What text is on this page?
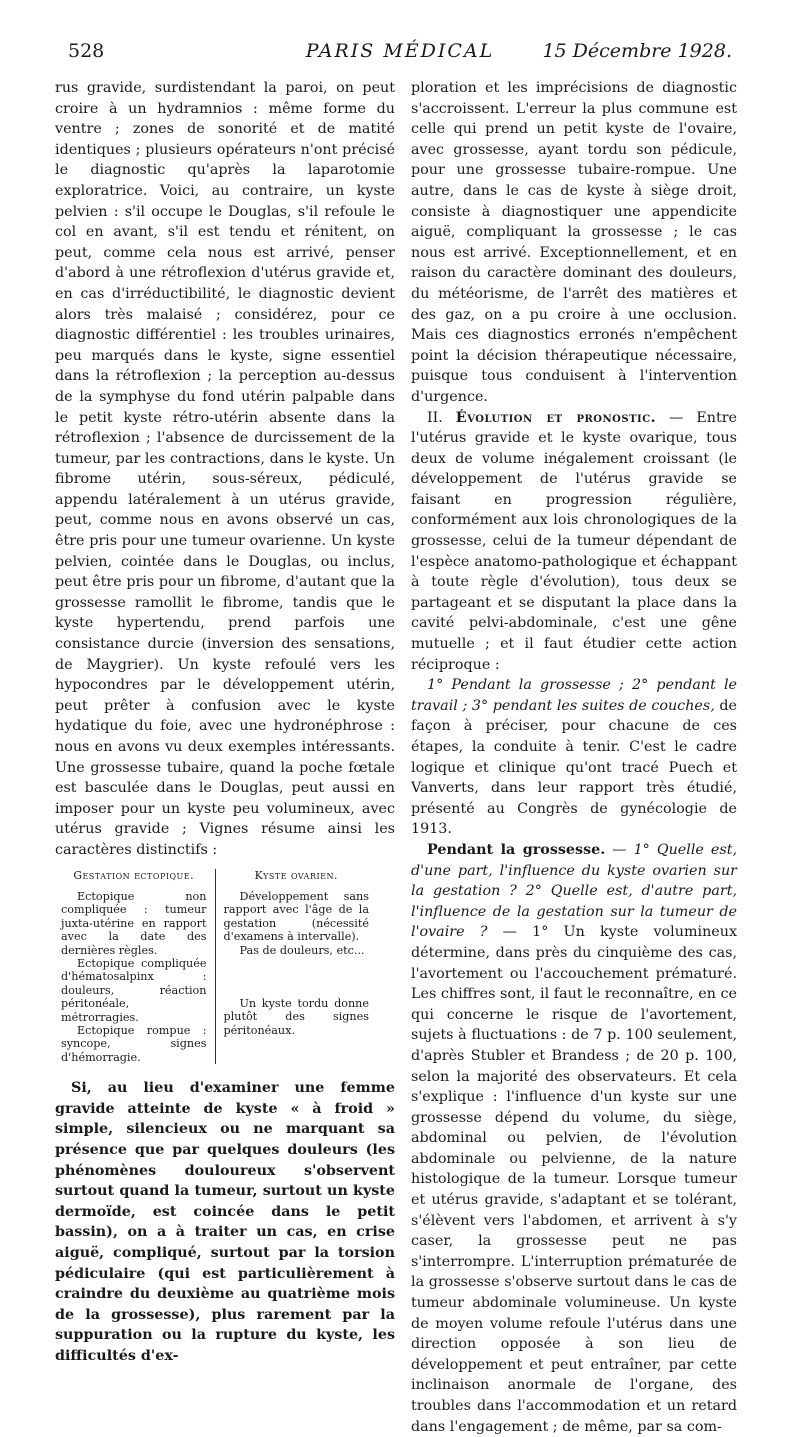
528	PARIS MÉDICAL	15 Décembre 1928.

rus gravide, surdistendant la paroi, on peut croire à un hydramnios : même forme du ventre ; zones de sonorité et de matité identiques ; plusieurs opérateurs n'ont précisé le diagnostic qu'après la laparotomie exploratrice. Voici, au contraire, un kyste pelvien : s'il occupe le Douglas, s'il refoule le col en avant, s'il est tendu et rénitent, on peut, comme cela nous est arrivé, penser d'abord à une rétroflexion d'utérus gravide et, en cas d'irréductibilité, le diagnostic devient alors très malaisé ; considérez, pour ce diagnostic différentiel : les troubles urinaires, peu marqués dans le kyste, signe essentiel dans la rétroflexion ; la perception au-dessus de la symphyse du fond utérin palpable dans le petit kyste rétro-utérin absente dans la rétroflexion ; l'absence de durcissement de la tumeur, par les contractions, dans le kyste. Un fibrome utérin, sous-séreux, pédiculé, appendu latéralement à un utérus gravide, peut, comme nous en avons observé un cas, être pris pour une tumeur ovarienne. Un kyste pelvien, cointée dans le Douglas, ou inclus, peut être pris pour un fibrome, d'autant que la grossesse ramollit le fibrome, tandis que le kyste hypertendu, prend parfois une consistance durcie (inversion des sensations, de Maygrier). Un kyste refoulé vers les hypocondres par le développement utérin, peut prêter à confusion avec le kyste hydatique du foie, avec une hydronéphrose : nous en avons vu deux exemples intéressants. Une grossesse tubaire, quand la poche fœtale est basculée dans le Douglas, peut aussi en imposer pour un kyste peu volumineux, avec utérus gravide ; Vignes résume ainsi les caractères distinctifs :

Gestation ectopique.

Ectopique non compliquée : tumeur juxta-utérine en rapport avec la date des dernières règles.

Ectopique compliquée d'hématosalpinx : douleurs, réaction péritonéale, métrorragies.

Ectopique rompue : syncope, signes d'hémorragie.

Kyste ovarien.

Développement sans rapport avec l'âge de la gestation (nécessité d'examens à intervalle).

Pas de douleurs, etc...

Un kyste tordu donne plutôt des signes péritonéaux.

Si, au lieu d'examiner une femme gravide atteinte de kyste « à froid » simple, silencieux ou ne marquant sa présence que par quelques douleurs (les phénomènes douloureux s'observent surtout quand la tumeur, surtout un kyste dermoïde, est coincée dans le petit bassin), on a à traiter un cas, en crise aiguë, compliqué, surtout par la torsion pédiculaire (qui est particulièrement à craindre du deuxième au quatrième mois de la grossesse), plus rarement par la suppuration ou la rupture du kyste, les difficultés d'ex-

ploration et les imprécisions de diagnostic s'accroissent. L'erreur la plus commune est celle qui prend un petit kyste de l'ovaire, avec grossesse, ayant tordu son pédicule, pour une grossesse tubaire-rompue. Une autre, dans le cas de kyste à siège droit, consiste à diagnostiquer une appendicite aiguë, compliquant la grossesse ; le cas nous est arrivé. Exceptionnellement, et en raison du caractère dominant des douleurs, du météorisme, de l'arrêt des matières et des gaz, on a pu croire à une occlusion. Mais ces diagnostics erronés n'empêchent point la décision thérapeutique nécessaire, puisque tous conduisent à l'intervention d'urgence.

II. Évolution et pronostic. — Entre l'utérus gravide et le kyste ovarique, tous deux de volume inégalement croissant (le développement de l'utérus gravide se faisant en progression régulière, conformément aux lois chronologiques de la grossesse, celui de la tumeur dépendant de l'espèce anatomo-pathologique et échappant à toute règle d'évolution), tous deux se partageant et se disputant la place dans la cavité pelvi-abdominale, c'est une gêne mutuelle ; et il faut étudier cette action réciproque :

1° Pendant la grossesse ; 2° pendant le travail ; 3° pendant les suites de couches, de façon à préciser, pour chacune de ces étapes, la conduite à tenir. C'est le cadre logique et clinique qu'ont tracé Puech et Vanverts, dans leur rapport très étudié, présenté au Congrès de gynécologie de 1913.

Pendant la grossesse. — 1° Quelle est, d'une part, l'influence du kyste ovarien sur la gestation ? 2° Quelle est, d'autre part, l'influence de la gestation sur la tumeur de l'ovaire ? — 1° Un kyste volumineux détermine, dans près du cinquième des cas, l'avortement ou l'accouchement prématuré. Les chiffres sont, il faut le reconnaître, en ce qui concerne le risque de l'avortement, sujets à fluctuations : de 7 p. 100 seulement, d'après Stubler et Brandess ; de 20 p. 100, selon la majorité des observateurs. Et cela s'explique : l'influence d'un kyste sur une grossesse dépend du volume, du siège, abdominal ou pelvien, de l'évolution abdominale ou pelvienne, de la nature histologique de la tumeur. Lorsque tumeur et utérus gravide, s'adaptant et se tolérant, s'élèvent vers l'abdomen, et arrivent à s'y caser, la grossesse peut ne pas s'interrompre. L'interruption prématurée de la grossesse s'observe surtout dans le cas de tumeur abdominale volumineuse. Un kyste de moyen volume refoule l'utérus dans une direction opposée à son lieu de développement et peut entraîner, par cette inclinaison anormale de l'organe, des troubles dans l'accommodation et un retard dans l'engagement ; de même, par sa com-
